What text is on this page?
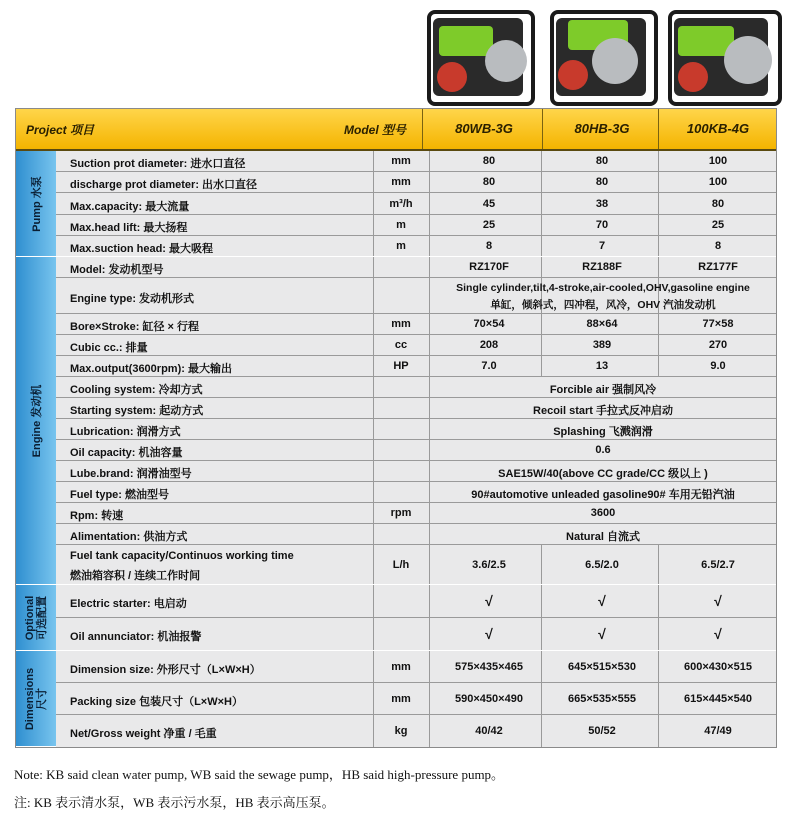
Project 项目	Model 型号	80WB-3G	80HB-3G	100KB-4G
Pump 水泵
Engine 发动机
Optional 可选配置
Dimensions 尺寸
Suction prot diameter: 进水口直径	mm	80	80	100
discharge prot diameter: 出水口直径	mm	80	80	100
Max.capacity: 最大流量	m³/h	45	38	80
Max.head lift: 最大扬程	m	25	70	25
Max.suction head: 最大吸程	m	8	7	8
Model: 发动机型号	RZ170F	RZ188F	RZ177F
Engine type: 发动机形式
Single cylinder,tilt,4-stroke,air-cooled,OHV,gasoline engine
单缸，倾斜式，四冲程，风冷，OHV 汽油发动机
Bore×Stroke: 缸径 × 行程	mm	70×54	88×64	77×58
Cubic cc.: 排量	cc	208	389	270
Max.output(3600rpm): 最大输出	HP	7.0	13	9.0
Cooling system: 冷却方式	Forcible air 强制风冷
Starting system: 起动方式	Recoil start 手拉式反冲启动
Lubrication: 润滑方式	Splashing 飞溅润滑
Oil capacity: 机油容量	0.6
Lube.brand: 润滑油型号	SAE15W/40(above CC grade/CC 级以上 )
Fuel type: 燃油型号	90#automotive unleaded gasoline90# 车用无铅汽油
Rpm: 转速	rpm	3600
Alimentation: 供油方式	Natural 自流式
Fuel tank capacity/Continuos working time
燃油箱容积 / 连续工作时间
L/h	3.6/2.5	6.5/2.0	6.5/2.7
Electric starter: 电启动	√	√	√
Oil annunciator: 机油报警	√	√	√
Dimension size: 外形尺寸（L×W×H）	mm	575×435×465	645×515×530	600×430×515
Packing size 包装尺寸（L×W×H）	mm	590×450×490	665×535×555	615×445×540
Net/Gross weight 净重 / 毛重	kg	40/42	50/52	47/49
Note: KB said clean water pump, WB said the sewage pump，HB said high-pressure pump。
注: KB 表示清水泵，WB 表示污水泵，HB 表示高压泵。
